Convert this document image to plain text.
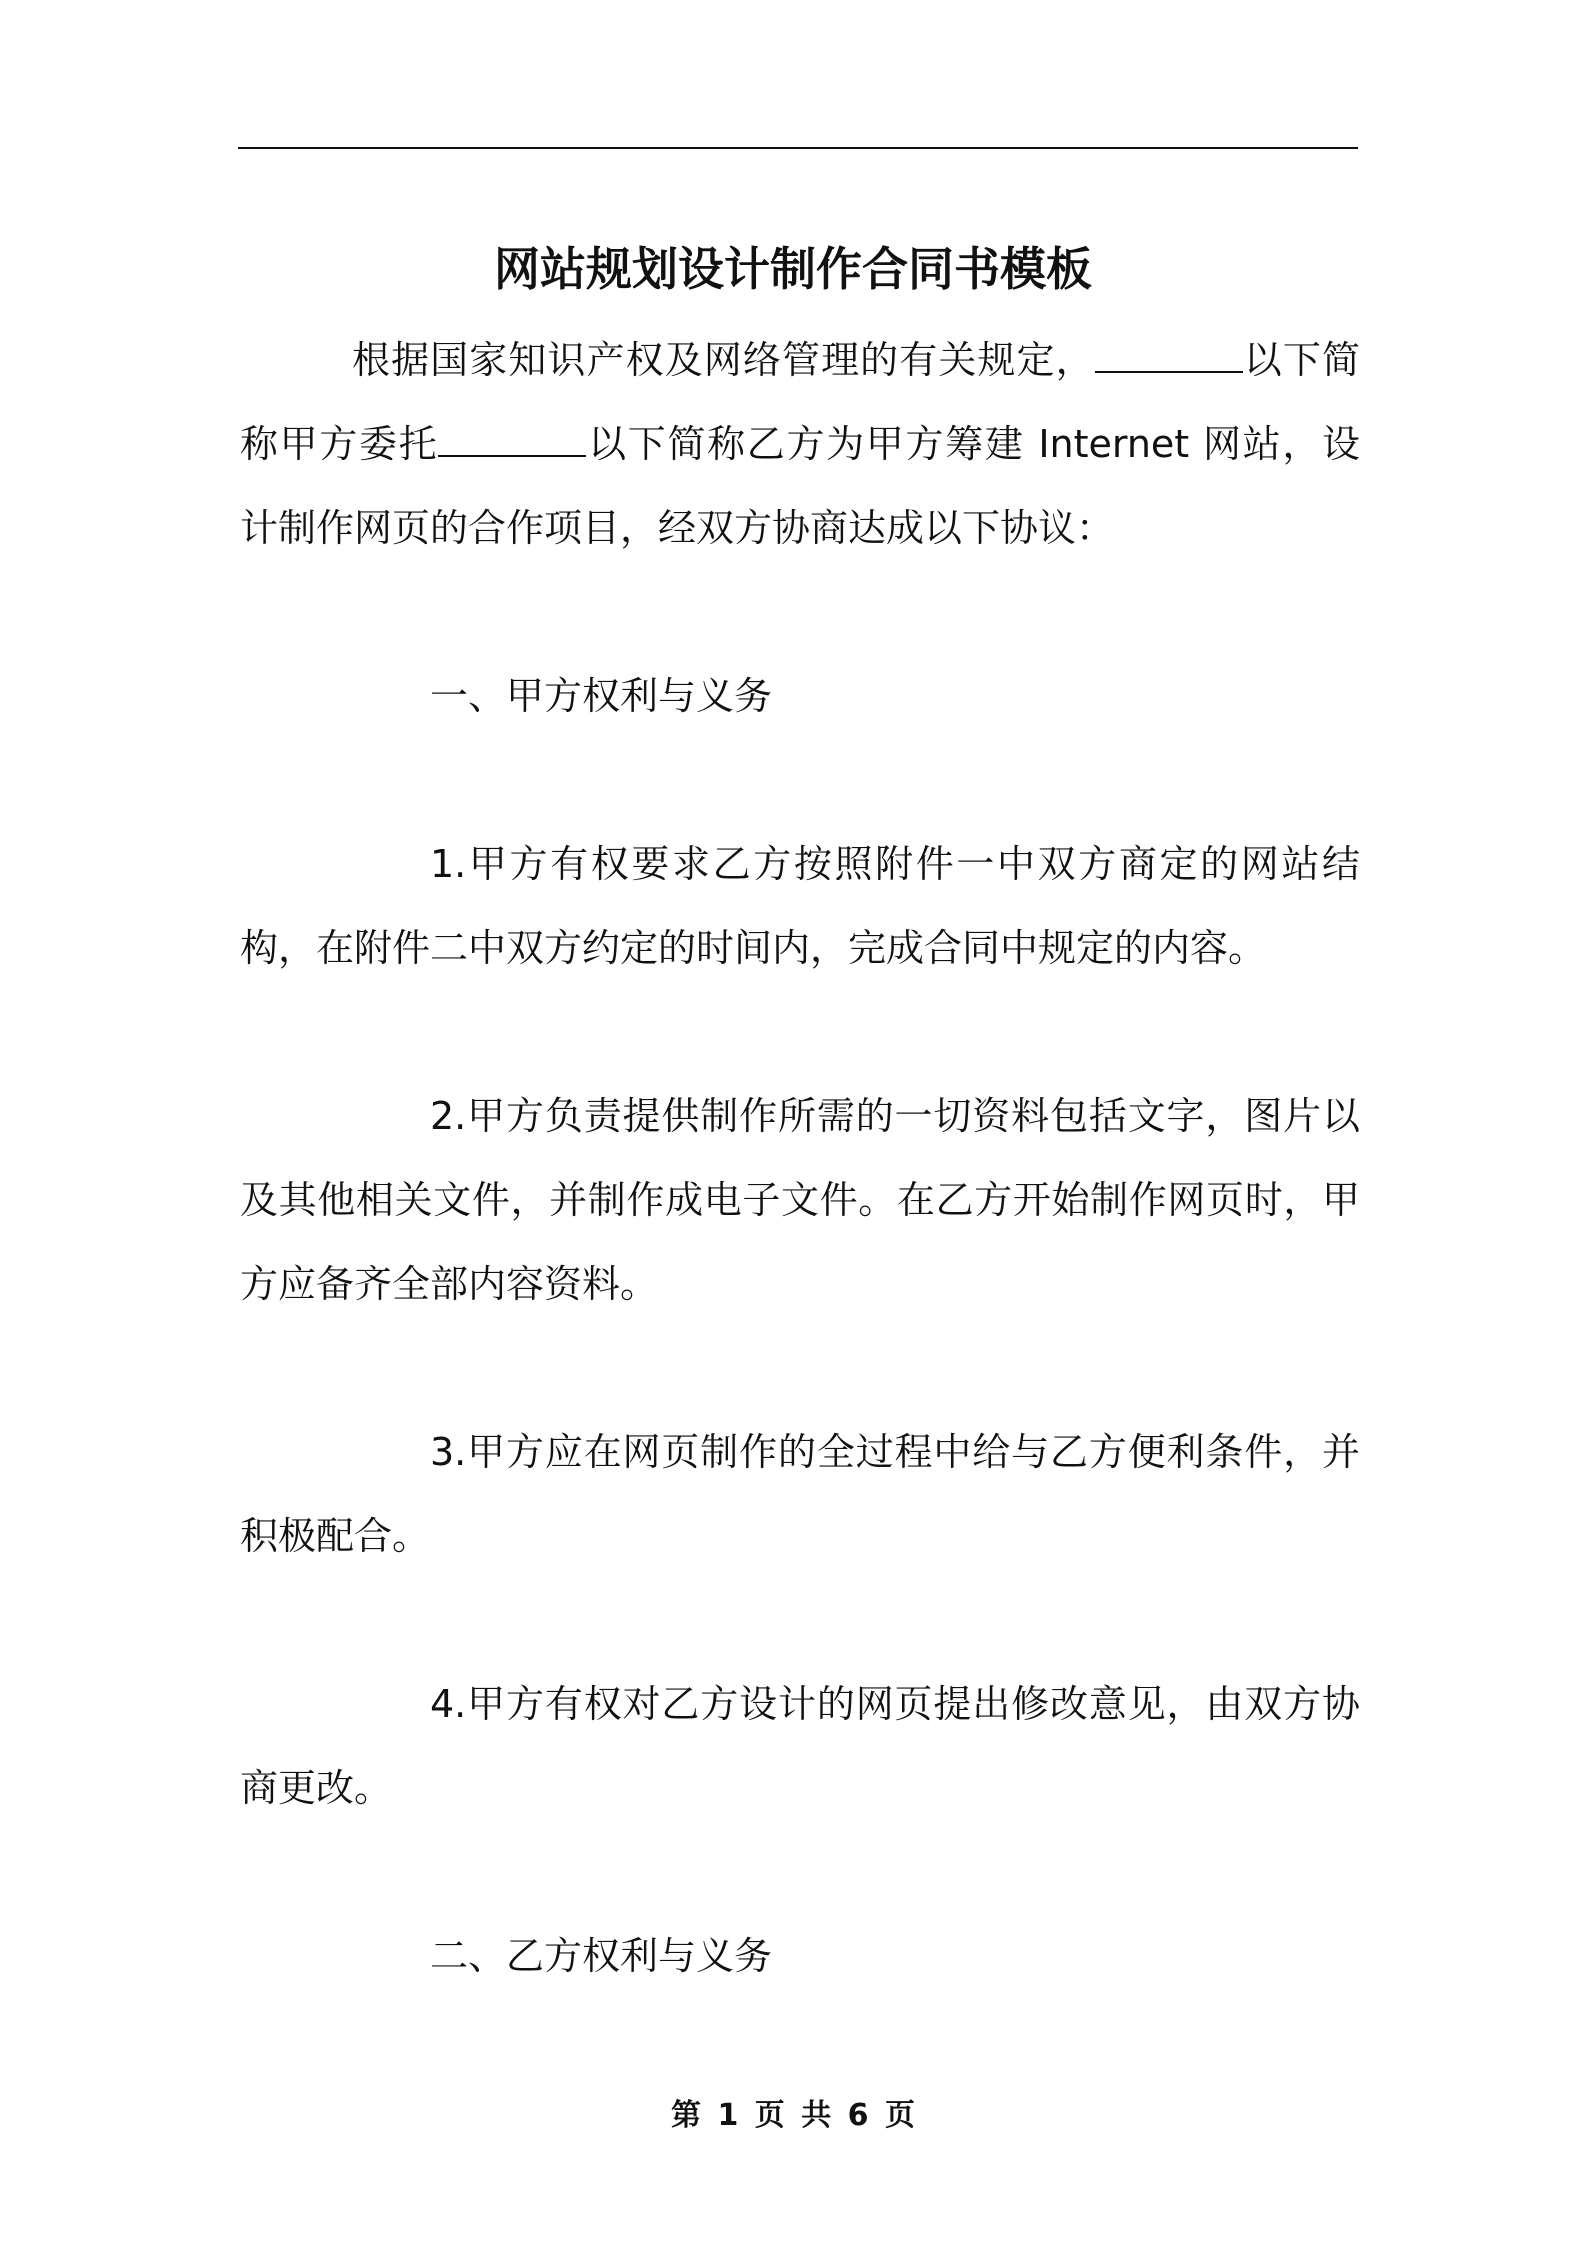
网站规划设计制作合同书模板

根据国家知识产权及网络管理的有关规定，	以下简称甲方委托	以下简称乙方为甲方筹建 Internet 网站，设计制作网页的合作项目，经双方协商达成以下协议：

一、甲方权利与义务

1.甲方有权要求乙方按照附件一中双方商定的网站结构，在附件二中双方约定的时间内，完成合同中规定的内容。

2.甲方负责提供制作所需的一切资料包括文字，图片以及其他相关文件，并制作成电子文件。在乙方开始制作网页时，甲方应备齐全部内容资料。

3.甲方应在网页制作的全过程中给与乙方便利条件，并积极配合。

4.甲方有权对乙方设计的网页提出修改意见，由双方协商更改。

二、乙方权利与义务
第 1 页 共 6 页
